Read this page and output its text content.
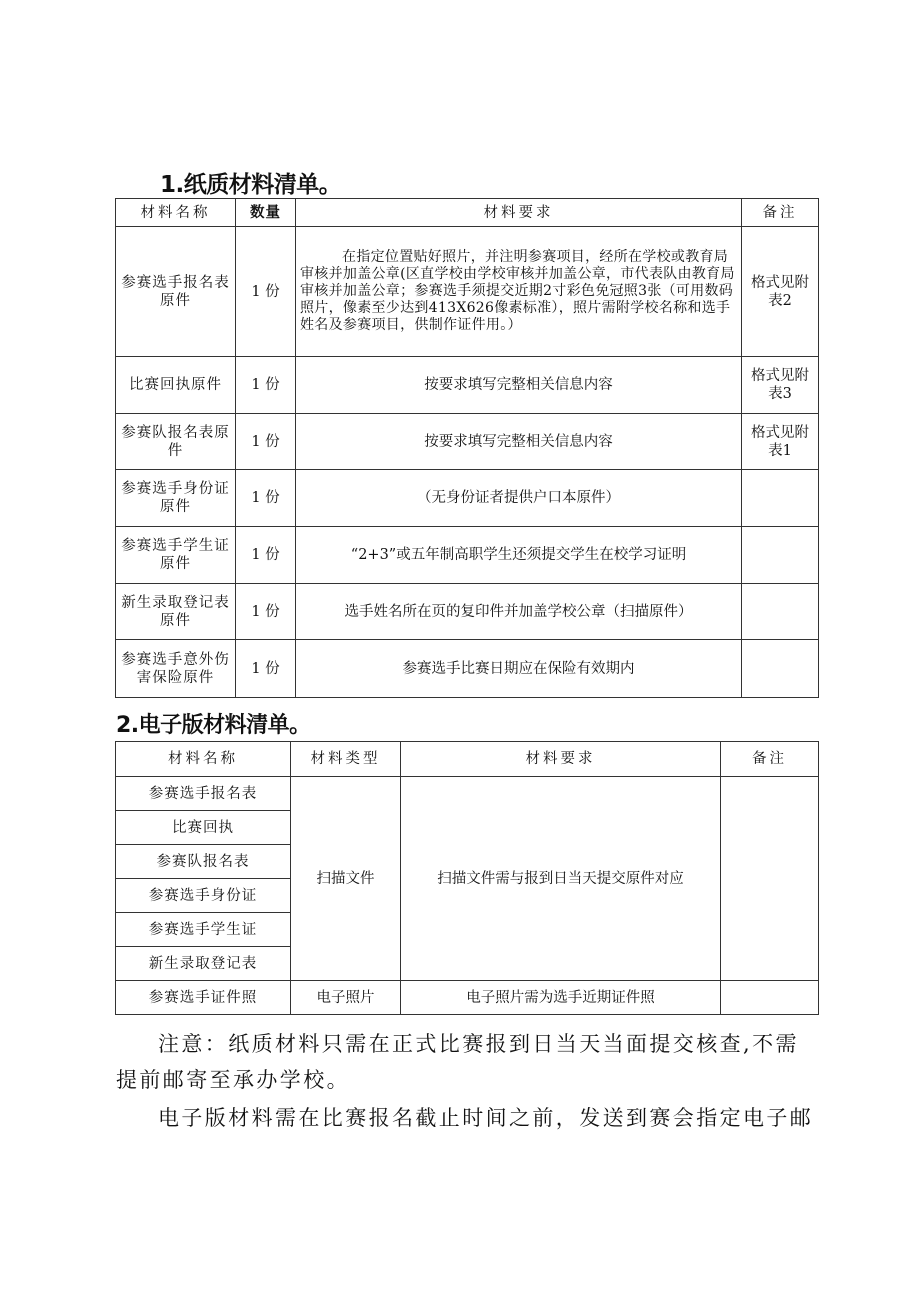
1.纸质材料清单。
材料名称	数量	材料要求	备注
参赛选手报名表原件	1 份	在指定位置贴好照片，并注明参赛项目，经所在学校或教育局审核并加盖公章(区直学校由学校审核并加盖公章，市代表队由教育局审核并加盖公章；参赛选手须提交近期2寸彩色免冠照3张（可用数码照片，像素至少达到413X626像素标准），照片需附学校名称和选手姓名及参赛项目，供制作证件用。）	格式见附表2
比赛回执原件	1 份	按要求填写完整相关信息内容	格式见附表3
参赛队报名表原件	1 份	按要求填写完整相关信息内容	格式见附表1
参赛选手身份证原件	1 份	（无身份证者提供户口本原件）	
参赛选手学生证原件	1 份	“2+3”或五年制高职学生还须提交学生在校学习证明	
新生录取登记表原件	1 份	选手姓名所在页的复印件并加盖学校公章（扫描原件）	
参赛选手意外伤害保险原件	1 份	参赛选手比赛日期应在保险有效期内	
2.电子版材料清单。
材料名称	材料类型	材料要求	备注
参赛选手报名表	扫描文件	扫描文件需与报到日当天提交原件对应	
比赛回执			
参赛队报名表			
参赛选手身份证			
参赛选手学生证			
新生录取登记表			
参赛选手证件照	电子照片	电子照片需为选手近期证件照	
注意：纸质材料只需在正式比赛报到日当天当面提交核查,不需提前邮寄至承办学校。
电子版材料需在比赛报名截止时间之前，发送到赛会指定电子邮
